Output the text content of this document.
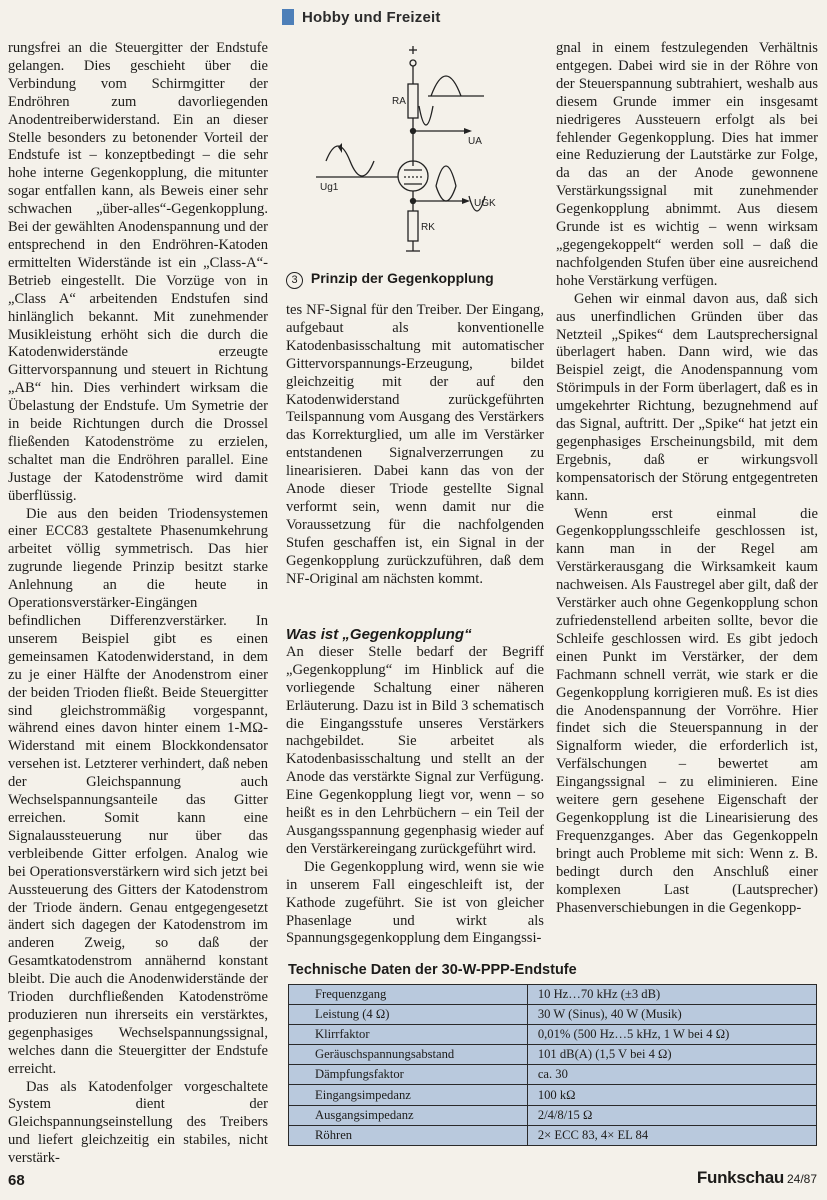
Hobby und Freizeit

rungsfrei an die Steuergitter der Endstufe gelangen. Dies geschieht über die Verbindung vom Schirmgitter der Endröhren zum davorliegenden Anodentreiberwiderstand. Ein an dieser Stelle besonders zu betonender Vorteil der Endstufe ist – konzeptbedingt – die sehr hohe interne Gegenkopplung, die mitunter sogar entfallen kann, als Beweis einer sehr schwachen „über-alles“-Gegenkopplung. Bei der gewählten Anodenspannung und der entsprechend in den Endröhren-Katoden ermittelten Widerstände ist ein „Class-A“-Betrieb eingestellt. Die Vorzüge von in „Class A“ arbeitenden Endstufen sind hinlänglich bekannt. Mit zunehmender Musikleistung erhöht sich die durch die Katodenwiderstände erzeugte Gittervorspannung und steuert in Richtung „AB“ hin. Dies verhindert wirksam die Übelastung der Endstufe. Um Symetrie der in beide Richtungen durch die Drossel fließenden Katodenströme zu erzielen, schaltet man die Endröhren parallel. Eine Justage der Katodenströme wird damit überflüssig.

Die aus den beiden Triodensystemen einer ECC83 gestaltete Phasenumkehrung arbeitet völlig symmetrisch. Das hier zugrunde liegende Prinzip besitzt starke Anlehnung an die heute in Operationsverstärker-Eingängen befindlichen Differenzverstärker. In unserem Beispiel gibt es einen gemeinsamen Katodenwiderstand, in dem zu je einer Hälfte der Anodenstrom einer der beiden Trioden fließt. Beide Steuergitter sind gleichstrommäßig vorgespannt, während eines davon hinter einem 1-MΩ-Widerstand mit einem Blockkondensator versehen ist. Letzterer verhindert, daß neben der Gleichspannung auch Wechselspannungsanteile das Gitter erreichen. Somit kann eine Signalaussteuerung nur über das verbleibende Gitter erfolgen. Analog wie bei Operationsverstärkern wird sich jetzt bei Aussteuerung des Gitters der Katodenstrom der Triode ändern. Genau entgegengesetzt ändert sich dagegen der Katodenstrom im anderen Zweig, so daß der Gesamtkatodenstrom annähernd konstant bleibt. Die auch die Anodenwiderstände der Trioden durchfließenden Katodenströme produzieren nun ihrerseits ein verstärktes, gegenphasiges Wechselspannungssignal, welches dann die Steuergitter der Endstufe erreicht.

Das als Katodenfolger vorgeschaltete System dient der Gleichspannungseinstellung des Treibers und liefert gleichzeitig ein stabiles, nicht verstärk-

RA
UA
Ug1
UGK
RK
3 Prinzip der Gegenkopplung

tes NF-Signal für den Treiber. Der Eingang, aufgebaut als konventionelle Katodenbasisschaltung mit automatischer Gittervorspannungs-Erzeugung, bildet gleichzeitig mit der auf den Katodenwiderstand zurückgeführten Teilspannung vom Ausgang des Verstärkers das Korrekturglied, um alle im Verstärker entstandenen Signalverzerrungen zu linearisieren. Dabei kann das von der Anode dieser Triode gestellte Signal verformt sein, wenn damit nur die Voraussetzung für die nachfolgenden Stufen geschaffen ist, ein Signal in der Gegenkopplung zurückzuführen, daß dem NF-Original am nächsten kommt.

Was ist „Gegenkopplung“

An dieser Stelle bedarf der Begriff „Gegenkopplung“ im Hinblick auf die vorliegende Schaltung einer näheren Erläuterung. Dazu ist in Bild 3 schematisch die Eingangsstufe unseres Verstärkers nachgebildet. Sie arbeitet als Katodenbasisschaltung und stellt an der Anode das verstärkte Signal zur Verfügung. Eine Gegenkopplung liegt vor, wenn – so heißt es in den Lehrbüchern – ein Teil der Ausgangsspannung gegenphasig wieder auf den Verstärkereingang zurückgeführt wird.

Die Gegenkopplung wird, wenn sie wie in unserem Fall eingeschleift ist, der Kathode zugeführt. Sie ist von gleicher Phasenlage und wirkt als Spannungsgegenkopplung dem Eingangssi-

gnal in einem festzulegenden Verhältnis entgegen. Dabei wird sie in der Röhre von der Steuerspannung subtrahiert, weshalb aus diesem Grunde immer ein insgesamt niedrigeres Aussteuern erfolgt als bei fehlender Gegenkopplung. Dies hat immer eine Reduzierung der Lautstärke zur Folge, da das an der Anode gewonnene Verstärkungssignal mit zunehmender Gegenkopplung abnimmt. Aus diesem Grunde ist es wichtig – wenn wirksam „gegengekoppelt“ werden soll – daß die nachfolgenden Stufen über eine ausreichend hohe Verstärkung verfügen.

Gehen wir einmal davon aus, daß sich aus unerfindlichen Gründen über das Netzteil „Spikes“ dem Lautsprechersignal überlagert haben. Dann wird, wie das Beispiel zeigt, die Anodenspannung vom Störimpuls in der Form überlagert, daß es in umgekehrter Richtung, bezugnehmend auf das Signal, auftritt. Der „Spike“ hat jetzt ein gegenphasiges Erscheinungsbild, mit dem Ergebnis, daß er wirkungsvoll kompensatorisch der Störung entgegentreten kann.

Wenn erst einmal die Gegenkopplungsschleife geschlossen ist, kann man in der Regel am Verstärkerausgang die Wirksamkeit kaum nachweisen. Als Faustregel aber gilt, daß der Verstärker auch ohne Gegenkopplung schon zufriedenstellend arbeiten sollte, bevor die Schleife geschlossen wird. Es gibt jedoch einen Punkt im Verstärker, der dem Fachmann schnell verrät, wie stark er die Gegenkopplung korrigieren muß. Es ist dies die Anodenspannung der Vorröhre. Hier findet sich die Steuerspannung in der Signalform wieder, die erforderlich ist, Verfälschungen – bewertet am Eingangssignal – zu eliminieren. Eine weitere gern gesehene Eigenschaft der Gegenkopplung ist die Linearisierung des Frequenzganges. Aber das Gegenkoppeln bringt auch Probleme mit sich: Wenn z. B. bedingt durch den Anschluß einer komplexen Last (Lautsprecher) Phasenverschiebungen in die Gegenkopp-

Technische Daten der 30-W-PPP-Endstufe
Frequenzgang	10 Hz…70 kHz (±3 dB)
Leistung (4 Ω)	30 W (Sinus), 40 W (Musik)
Klirrfaktor	0,01% (500 Hz…5 kHz, 1 W bei 4 Ω)
Geräuschspannungsabstand	101 dB(A) (1,5 V bei 4 Ω)
Dämpfungsfaktor	ca. 30
Eingangsimpedanz	100 kΩ
Ausgangsimpedanz	2/4/8/15 Ω
Röhren	2× ECC 83, 4× EL 84
68	Funkschau 24/87
